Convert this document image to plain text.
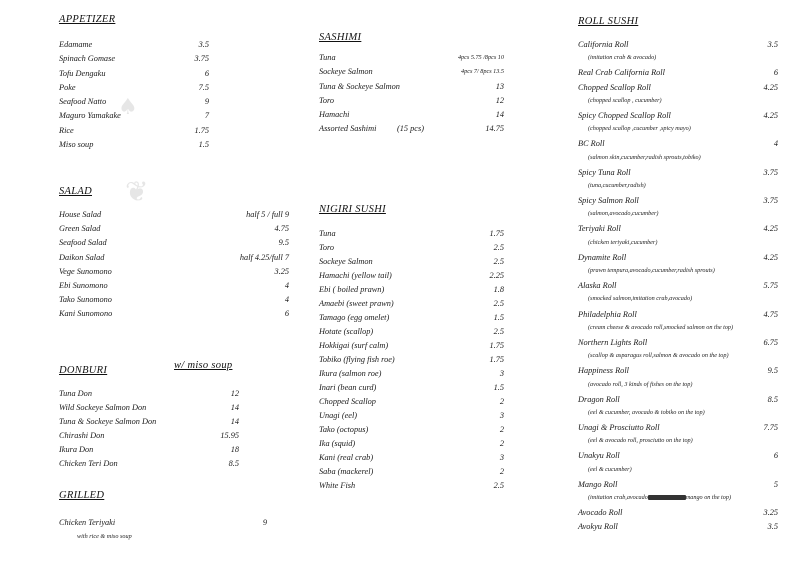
❦
♠
APPETIZER
Edamame	3.5
Spinach Gomase	3.75
Tofu Dengaku	6
Poke	7.5
Seafood Natto	9
Maguro Yamakake	7
Rice	1.75
Miso soup	1.5
SALAD
House Salad	half 5 / full 9
Green Salad	4.75
Seafood Salad	9.5
Daikon Salad	half 4.25/full 7
Vege Sunomono	3.25
Ebi Sunomono	4
Tako Sunomono	4
Kani Sunomono	6
DONBURI	w/ miso soup
Tuna Don	12
Wild Sockeye Salmon Don	14
Tuna & Sockeye Salmon Don	14
Chirashi Don	15.95
Ikura Don	18
Chicken Teri Don	8.5
GRILLED
Chicken Teriyaki	9
with rice & miso soup
SASHIMI
Tuna	4pcs 5.75 /8pcs 10
Sockeye Salmon	4pcs 7/ 8pcs 13.5
Tuna & Sockeye Salmon	13
Toro	12
Hamachi	14
Assorted Sashimi (15 pcs)	14.75
NIGIRI SUSHI
Tuna	1.75
Toro	2.5
Sockeye Salmon	2.5
Hamachi (yellow tail)	2.25
Ebi ( boiled prawn)	1.8
Amaebi (sweet prawn)	2.5
Tamago (egg omelet)	1.5
Hotate (scallop)	2.5
Hokkigai (surf calm)	1.75
Tobiko (flying fish roe)	1.75
Ikura (salmon roe)	3
Inari (bean curd)	1.5
Chopped Scallop	2
Unagi (eel)	3
Tako (octopus)	2
Ika (squid)	2
Kani (real crab)	3
Saba (mackerel)	2
White Fish	2.5
ROLL SUSHI
California Roll	3.5
(imitation crab & avocado)
Real Crab California Roll	6
Chopped Scallop Roll	4.25
(chopped scallop , cucumber)
Spicy Chopped Scallop Roll	4.25
(chopped scallop ,cucumber ,spicy mayo)
BC Roll	4
(salmon skin,cucumber,radish sprouts,tobiko)
Spicy Tuna Roll	3.75
(tuna,cucumber,radish)
Spicy Salmon Roll	3.75
(salmon,avocado,cucumber)
Teriyaki Roll	4.25
(chicken teriyaki,cucumber)
Dynamite Roll	4.25
(prawn tempura,avocado,cucumber,radish sprouts)
Alaska Roll	5.75
(smocked salmon,imitation crab,avocado)
Philadelphia Roll	4.75
(cream cheese & avocado roll,smocked salmon on the top)
Northern Lights Roll	6.75
(scallop & asparagus roll,salmon & avocado on the top)
Happiness Roll	9.5
(avocado roll, 3 kinds of fishes on the top)
Dragon Roll	8.5
(eel & cucumber, avocado & tobiko on the top)
Unagi & Prosciutto Roll	7.75
(eel & avocado roll, prosciutto on the top)
Unakyu Roll	6
(eel & cucumber)
Mango Roll	5
(imitation crab,avocado	mango on the top)
Avocado Roll	3.25
Avokyu Roll	3.5
